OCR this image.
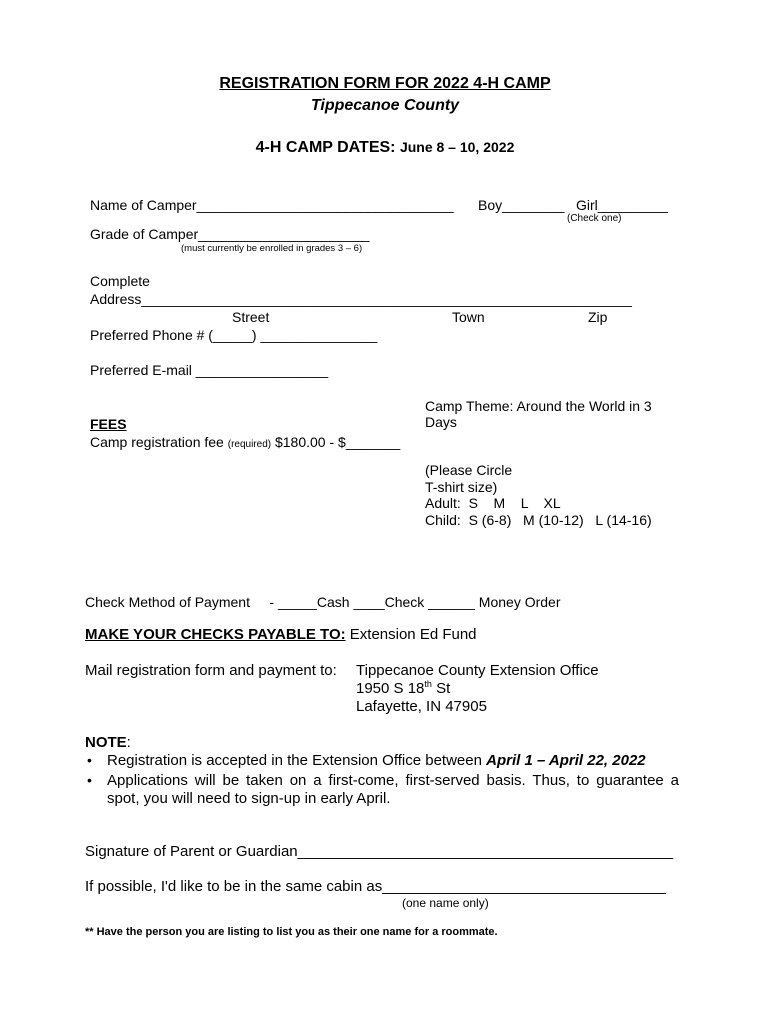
REGISTRATION FORM FOR 2022 4-H CAMP
Tippecanoe County
4-H CAMP DATES: June 8 – 10, 2022
Name of Camper_________________________________ Boy________ Girl_________
(Check one)
Grade of Camper______________________
(must currently be enrolled in grades 3 – 6)
Complete
Address_______________________________________________________________
Street	Town	Zip
Preferred Phone # (_____) _______________
Preferred E-mail _________________
FEES
Camp registration fee (required) $180.00 - $_______
Camp Theme: Around the World in 3
Days
(Please Circle
T-shirt size)
Adult:  S    M    L    XL
Child:  S (6-8)   M (10-12)   L (14-16)
Check Method of Payment     - _____Cash ____Check ______ Money Order
MAKE YOUR CHECKS PAYABLE TO: Extension Ed Fund
Mail registration form and payment to: Tippecanoe County Extension Office
1950 S 18th St
Lafayette, IN 47905
NOTE:
• Registration is accepted in the Extension Office between April 1 – April 22, 2022
• Applications will be taken on a first-come, first-served basis. Thus, to guarantee a
spot, you will need to sign-up in early April.
Signature of Parent or Guardian_____________________________________________
If possible, I'd like to be in the same cabin as__________________________________
(one name only)
** Have the person you are listing to list you as their one name for a roommate.
